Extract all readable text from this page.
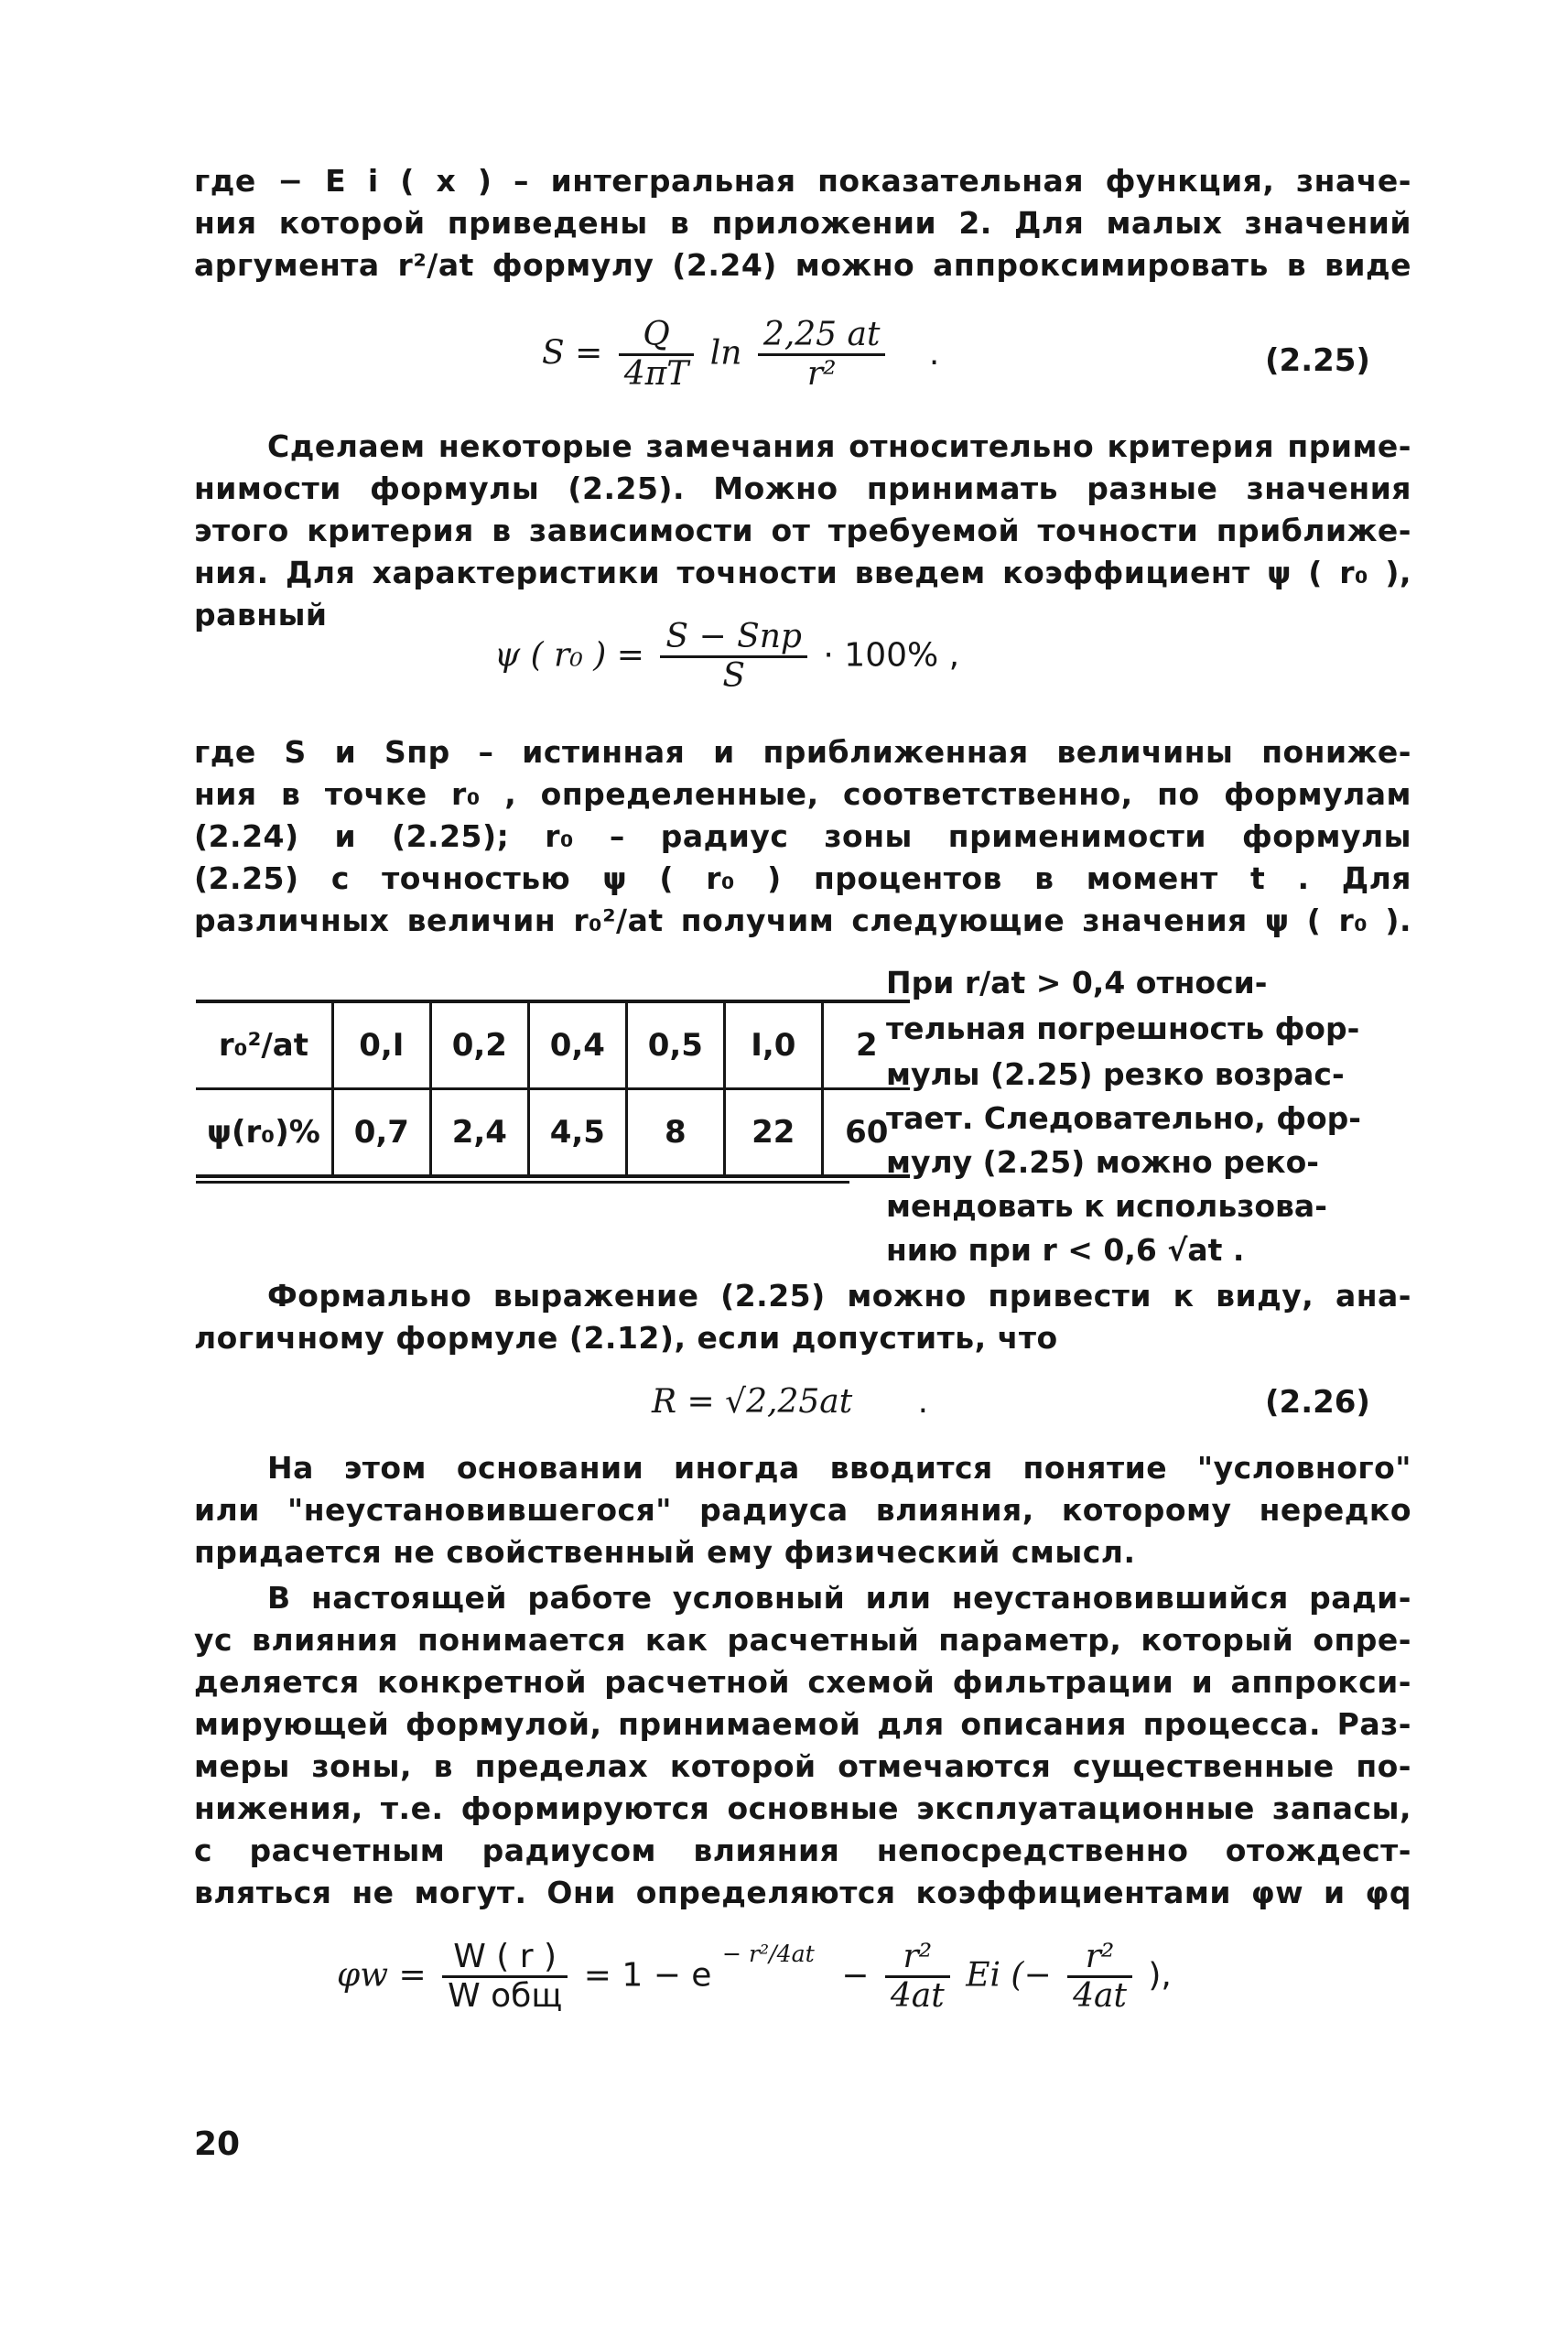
где − E i ( x ) – интегральная показательная функция, значе-
ния которой приведены в приложении 2. Для малых значений
аргумента r²/at формулу (2.24) можно аппроксимировать в виде
$S = \frac{Q}{4\pi T}$ $\ln \frac{2,25 at}{\text{r²}}$ .	(2.25)
Сделаем некоторые замечания относительно критерия приме-
нимости формулы (2.25). Можно принимать разные значения
этого критерия в зависимости от требуемой точности приближе-
ния. Для характеристики точности введем коэффициент ψ ( r₀ ),
равный
ψ ( r₀ ) = $\frac{\text{S − Sпр}}{S} \cdot 100\%$ ,
где S и Sпр – истинная и приближенная величины пониже-
ния в точке r₀ , определенные, соответственно, по формулам
(2.24) и (2.25); r₀ – радиус зоны применимости формулы
(2.25) с точностью ψ ( r₀ ) процентов в момент t . Для
различных величин r₀²/at получим следующие значения ψ ( r₀ ).
r₀²/at	0,I	0,2	0,4	0,5	I,0	2
ψ(r₀)%	0,7	2,4	4,5	8	22	60
При r/at > 0,4 относи-
тельная погрешность фор-
мулы (2.25) резко возрас-
тает. Следовательно, фор-
мулу (2.25) можно реко-
мендовать к использова-
нию при r < 0,6 √at .
Формально выражение (2.25) можно привести к виду, ана-
логичному формуле (2.12), если допустить, что
R = √2,25at .	(2.26)
На этом основании иногда вводится понятие "условного"
или "неустановившегося" радиуса влияния, которому нередко
придается не свойственный ему физический смысл.
В настоящей работе условный или неустановившийся ради-
ус влияния понимается как расчетный параметр, который опре-
деляется конкретной расчетной схемой фильтрации и аппрокси-
мирующей формулой, принимаемой для описания процесса. Раз-
меры зоны, в пределах которой отмечаются существенные по-
нижения, т.е. формируются основные эксплуатационные запасы,
с расчетным радиусом влияния непосредственно отождест-
вляться не могут. Они определяются коэффициентами φw и φq
$\varphi w = \frac{W ( r )}{\text{W общ}} = 1 - e$ $^{- r^2/4at} - \frac{\text{r²}}{4at}$ Ei (− $\frac{\text{r²}}{4at}$ ),
20
